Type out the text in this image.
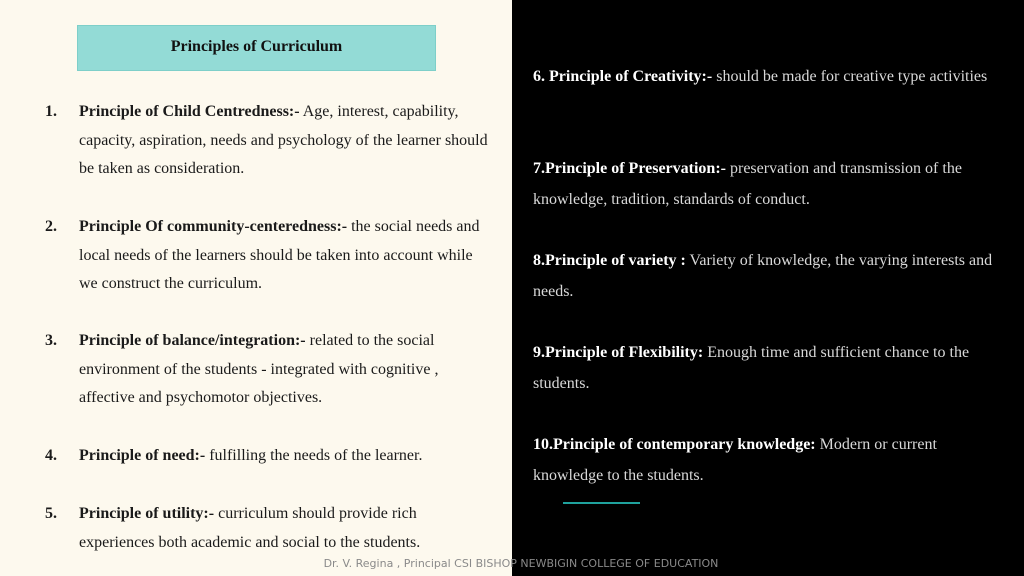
Principles of Curriculum
1. Principle of Child Centredness:- Age, interest, capability, capacity, aspiration, needs and psychology of the learner should be taken as consideration.
2. Principle Of community-centeredness:- the social needs and local needs of the learners should be taken into account while we construct the curriculum.
3. Principle of balance/integration:- related to the social environment of the students - integrated with cognitive , affective and psychomotor objectives.
4. Principle of need:- fulfilling the needs of the learner.
5. Principle of utility:- curriculum should provide rich experiences both academic and social to the students.
6. Principle of Creativity:- should be made for creative type activities
7.Principle of Preservation:- preservation and transmission of the knowledge, tradition, standards of conduct.
8.Principle of variety : Variety of knowledge, the varying interests and needs.
9.Principle of Flexibility: Enough time and sufficient chance to the students.
10.Principle of contemporary knowledge: Modern or current knowledge to the students.
Dr. V. Regina , Principal CSI BISHOP NEWBIGIN COLLEGE OF EDUCATION
